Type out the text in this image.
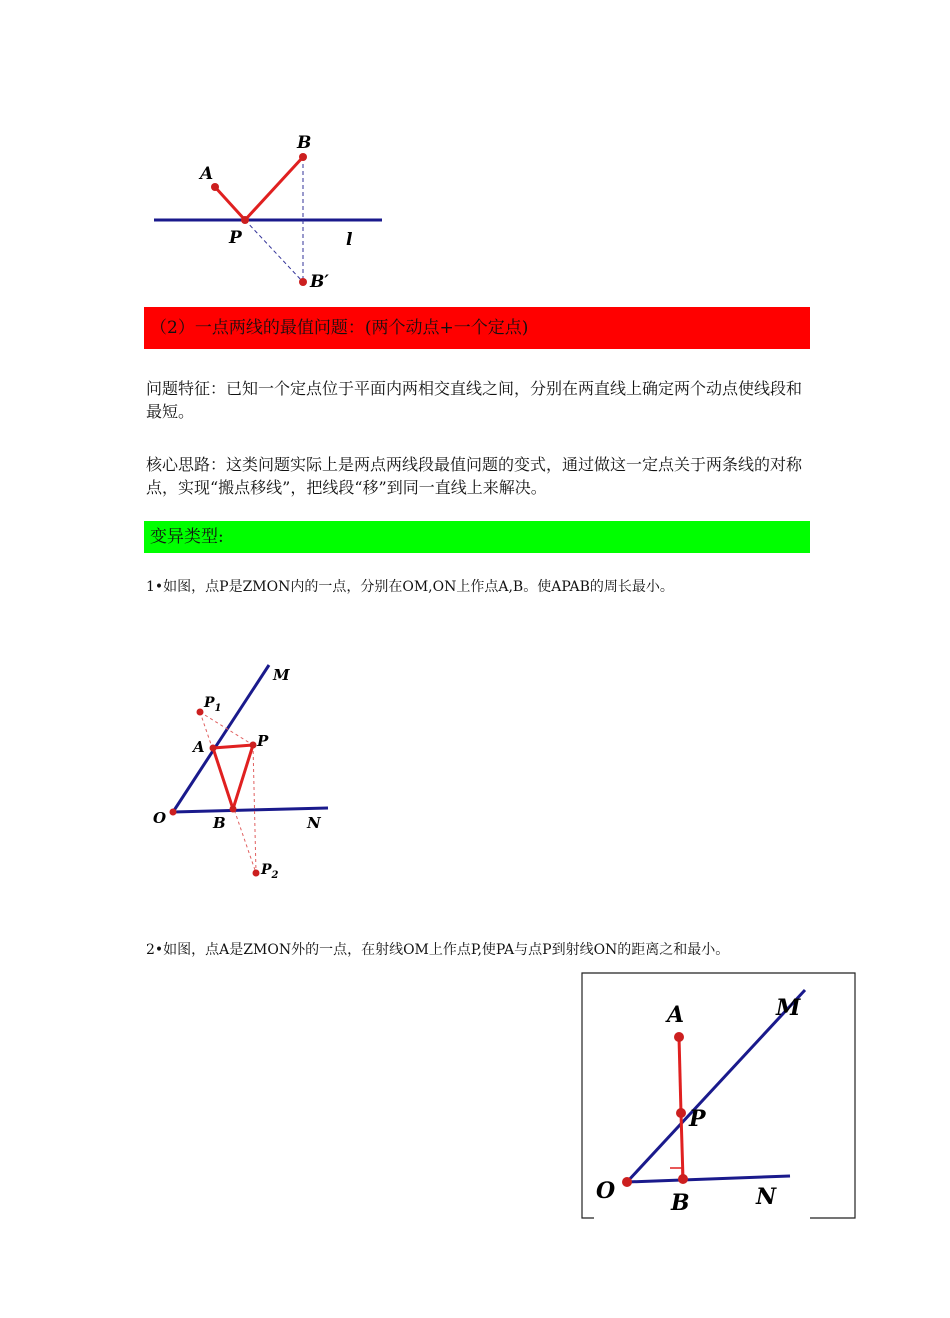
A
B
P	l
B′
（2）一点两线的最值问题：(两个动点+一个定点)
问题特征：已知一个定点位于平面内两相交直线之间，分别在两直线上确定两个动点使线段和最短。
核心思路：这类问题实际上是两点两线段最值问题的变式，通过做这一定点关于两条线的对称点，实现“搬点移线”，把线段“移”到同一直线上来解决。
变异类型:
1•如图，点P是ZMON内的一点，分别在OM,ON上作点A,B。使APAB的周长最小。
M
$P_1$
A	P
O	B	N
$P_2$
2•如图，点A是ZMON外的一点，在射线OM上作点P,使PA与点P到射线ON的距离之和最小。
A	M
P
O	B	N
